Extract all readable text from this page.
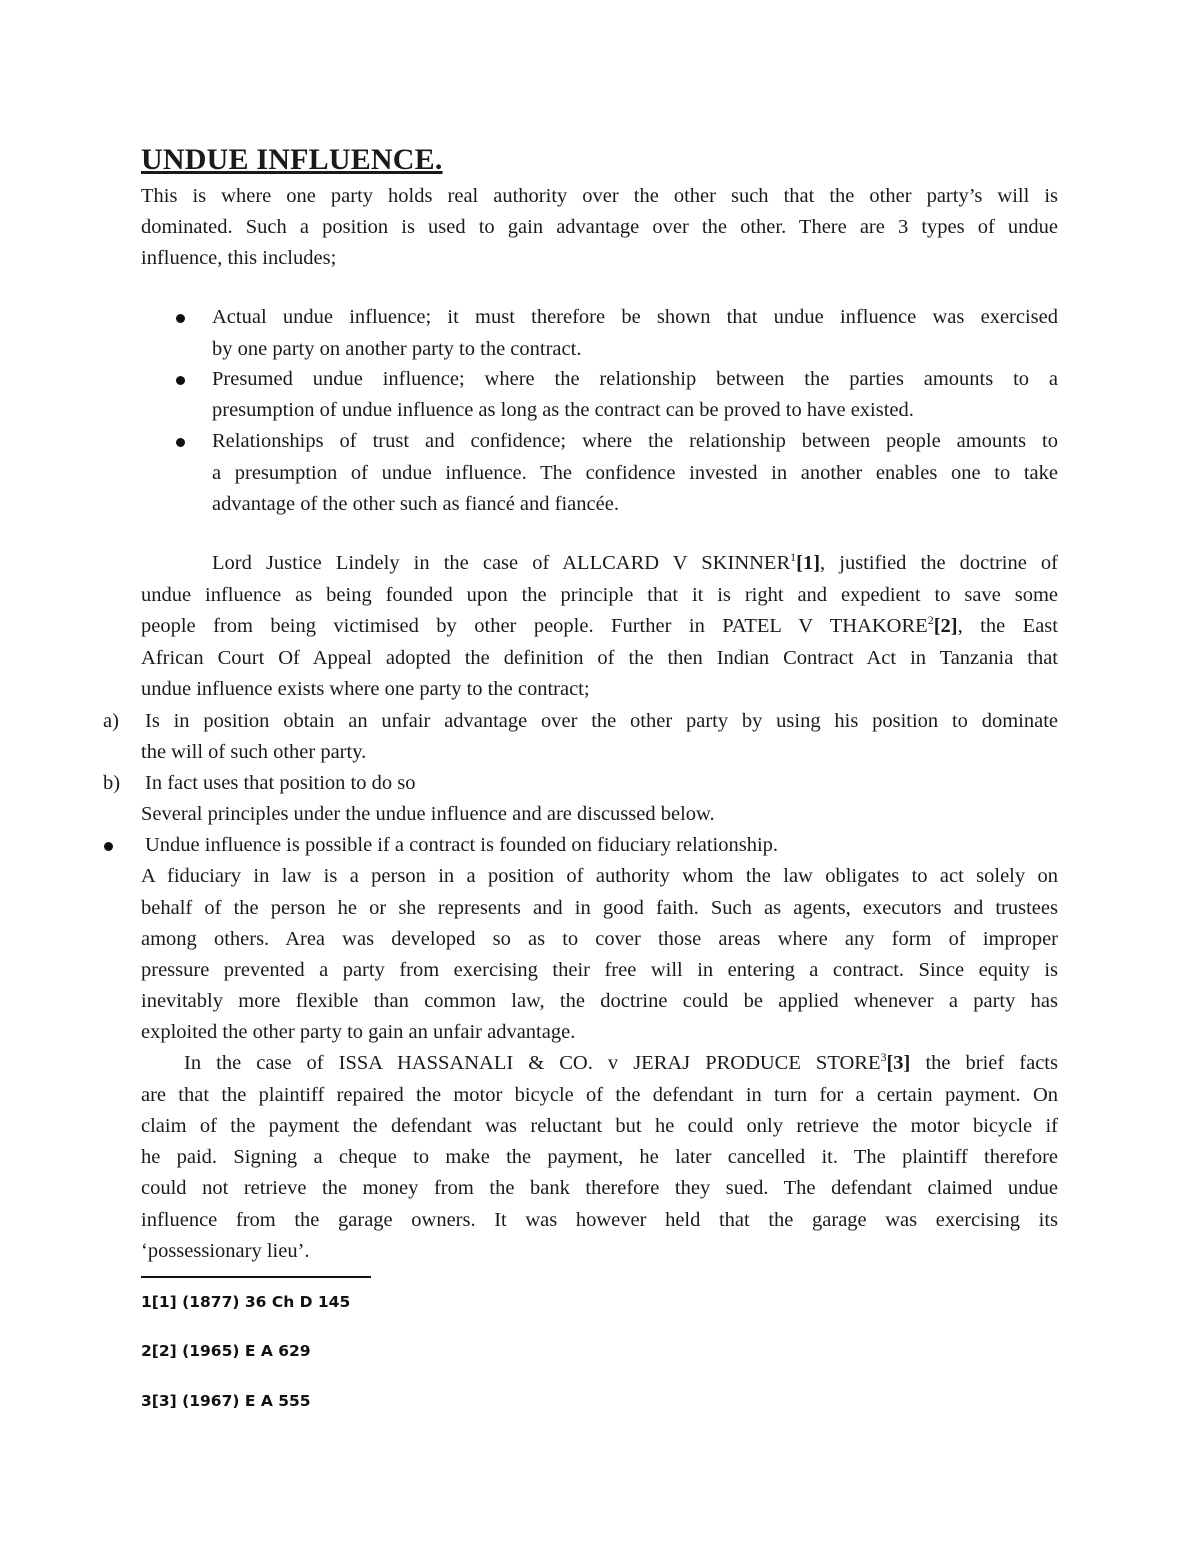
UNDUE INFLUENCE.
This is where one party holds real authority over the other such that the other party’s will is
dominated. Such a position is used to gain advantage over the other. There are 3 types of undue
influence, this includes;
Actual undue influence; it must therefore be shown that undue influence was exercised
by one party on another party to the contract.
Presumed undue influence; where the relationship between the parties amounts to a
presumption of undue influence as long as the contract can be proved to have existed.
Relationships of trust and confidence; where the relationship between people amounts to
a presumption of undue influence. The confidence invested in another enables one to take
advantage of the other such as fiancé and fiancée.
Lord Justice Lindely in the case of ALLCARD V SKINNER$^1$[1], justified the doctrine of
undue influence as being founded upon the principle that it is right and expedient to save some
people from being victimised by other people. Further in PATEL V THAKORE$^2$[2], the East
African Court Of Appeal adopted the definition of the then Indian Contract Act in Tanzania that
undue influence exists where one party to the contract;
a) Is in position obtain an unfair advantage over the other party by using his position to dominate
the will of such other party.
b) In fact uses that position to do so
Several principles under the undue influence and are discussed below.
Undue influence is possible if a contract is founded on fiduciary relationship.
A fiduciary in law is a person in a position of authority whom the law obligates to act solely on
behalf of the person he or she represents and in good faith. Such as agents, executors and trustees
among others. Area was developed so as to cover those areas where any form of improper
pressure prevented a party from exercising their free will in entering a contract. Since equity is
inevitably more flexible than common law, the doctrine could be applied whenever a party has
exploited the other party to gain an unfair advantage.
In the case of ISSA HASSANALI & CO. v JERAJ PRODUCE STORE$^3$[3] the brief facts
are that the plaintiff repaired the motor bicycle of the defendant in turn for a certain payment. On
claim of the payment the defendant was reluctant but he could only retrieve the motor bicycle if
he paid. Signing a cheque to make the payment, he later cancelled it. The plaintiff therefore
could not retrieve the money from the bank therefore they sued. The defendant claimed undue
influence from the garage owners. It was however held that the garage was exercising its
‘possessionary lieu’.
1[1] (1877) 36 Ch D 145
2[2] (1965) E A 629
3[3] (1967) E A 555
